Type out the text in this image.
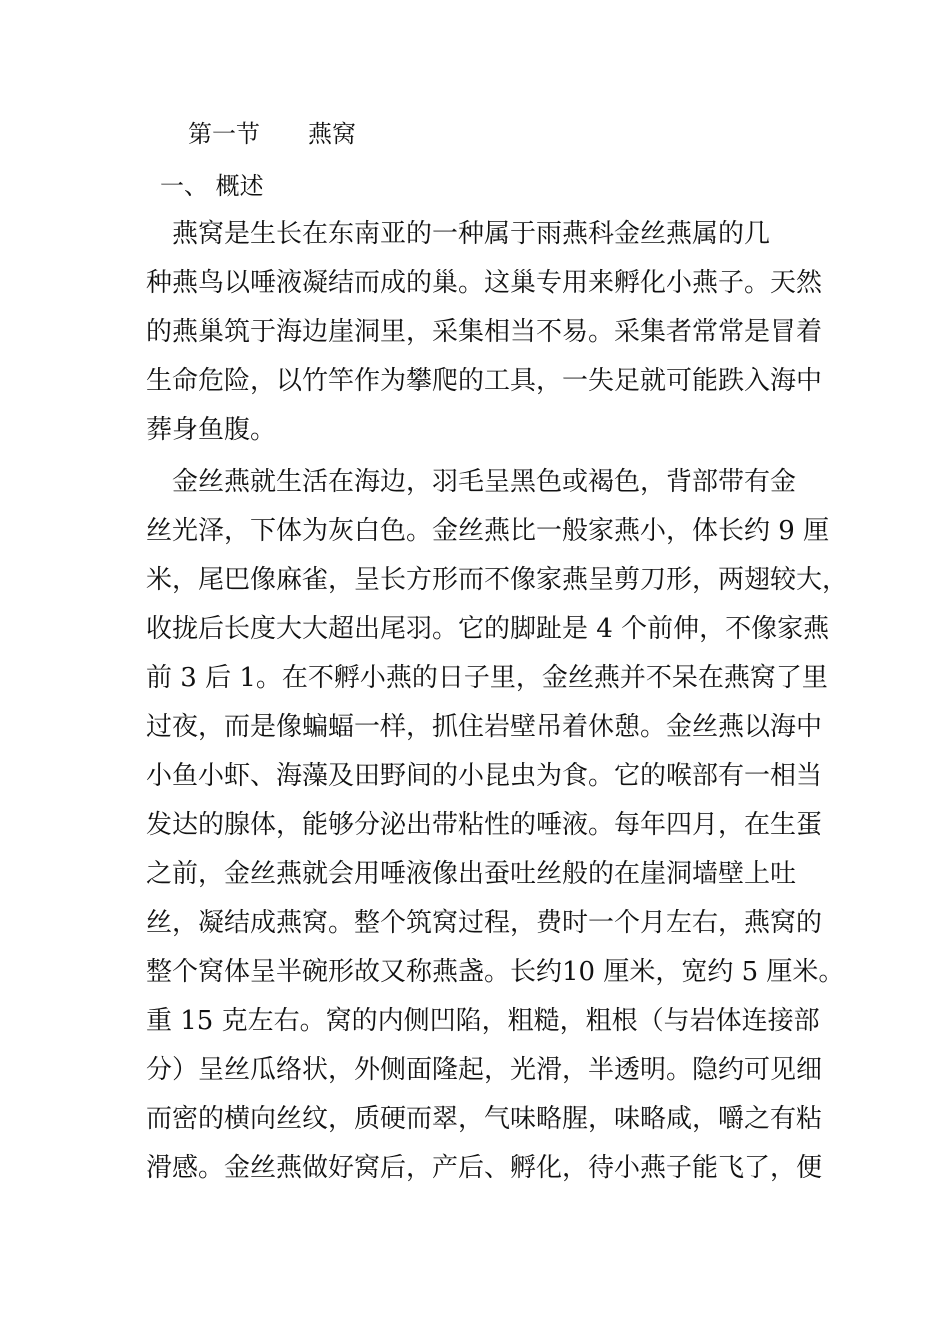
第一节　　燕窝
一、 概述

　燕窝是生长在东南亚的一种属于雨燕科金丝燕属的几

种燕鸟以唾液凝结而成的巢。这巢专用来孵化小燕子。天然

的燕巢筑于海边崖洞里，采集相当不易。采集者常常是冒着

生命危险，以竹竿作为攀爬的工具，一失足就可能跌入海中

葬身鱼腹。

　金丝燕就生活在海边，羽毛呈黑色或褐色，背部带有金

丝光泽，下体为灰白色。金丝燕比一般家燕小，体长约 9 厘

米，尾巴像麻雀，呈长方形而不像家燕呈剪刀形，两翅较大，

收拢后长度大大超出尾羽。它的脚趾是 4 个前伸，不像家燕

前 3 后 1。在不孵小燕的日子里，金丝燕并不呆在燕窝了里

过夜，而是像蝙蝠一样，抓住岩壁吊着休憩。金丝燕以海中

小鱼小虾、海藻及田野间的小昆虫为食。它的喉部有一相当

发达的腺体，能够分泌出带粘性的唾液。每年四月，在生蛋

之前，金丝燕就会用唾液像出蚕吐丝般的在崖洞墙壁上吐

丝，凝结成燕窝。整个筑窝过程，费时一个月左右，燕窝的

整个窝体呈半碗形故又称燕盏。长约10 厘米，宽约 5 厘米。

重 15 克左右。窝的内侧凹陷，粗糙，粗根（与岩体连接部

分）呈丝瓜络状，外侧面隆起，光滑，半透明。隐约可见细

而密的横向丝纹，质硬而翠，气味略腥，味略咸，嚼之有粘

滑感。金丝燕做好窝后，产后、孵化，待小燕子能飞了，便
